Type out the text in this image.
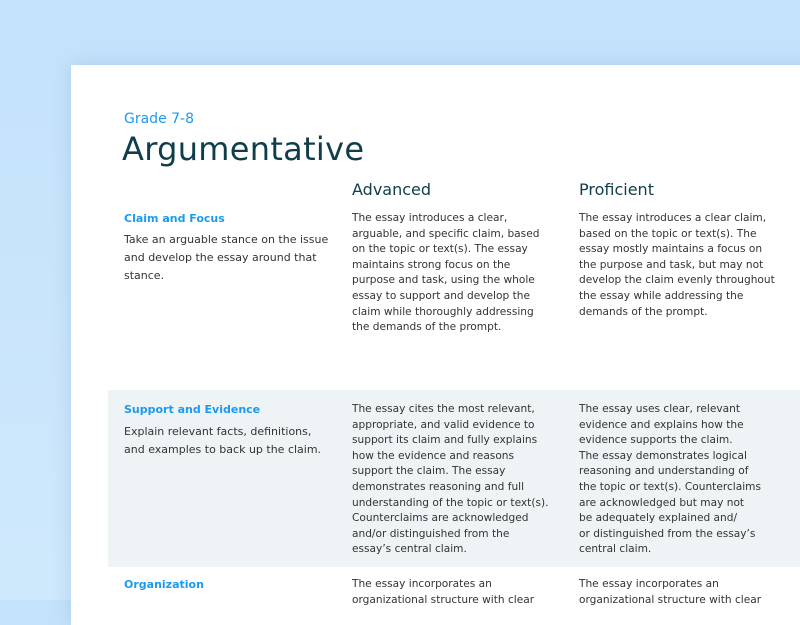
Grade 7-8
Argumentative
Advanced	Proficient
Claim and Focus
Take an arguable stance on the issue
and develop the essay around that
stance.
The essay introduces a clear,
arguable, and specific claim, based
on the topic or text(s). The essay
maintains strong focus on the
purpose and task, using the whole
essay to support and develop the
claim while thoroughly addressing
the demands of the prompt.
The essay introduces a clear claim,
based on the topic or text(s). The
essay mostly maintains a focus on
the purpose and task, but may not
develop the claim evenly throughout
the essay while addressing the
demands of the prompt.
Support and Evidence
Explain relevant facts, definitions,
and examples to back up the claim.
The essay cites the most relevant,
appropriate, and valid evidence to
support its claim and fully explains
how the evidence and reasons
support the claim. The essay
demonstrates reasoning and full
understanding of the topic or text(s).
Counterclaims are acknowledged
and/or distinguished from the
essay’s central claim.
The essay uses clear, relevant
evidence and explains how the
evidence supports the claim.
The essay demonstrates logical
reasoning and understanding of
the topic or text(s). Counterclaims
are acknowledged but may not
be adequately explained and/
or distinguished from the essay’s
central claim.
Organization	The essay incorporates an
organizational structure with clear
The essay incorporates an
organizational structure with clear
